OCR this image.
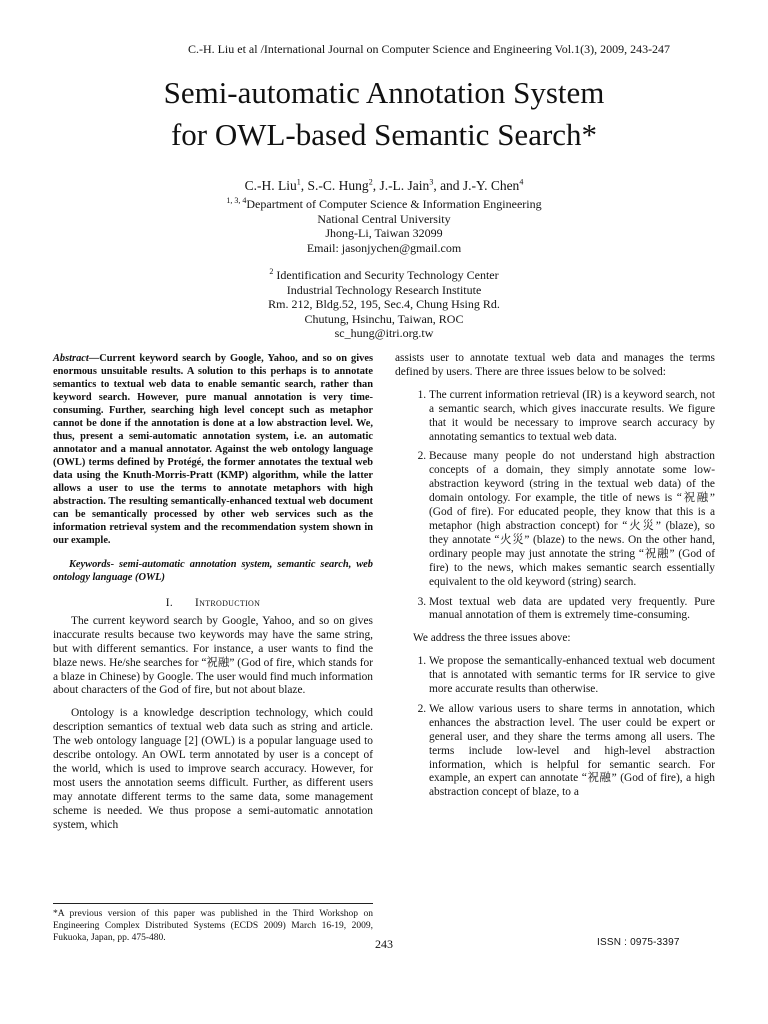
C.-H. Liu et al /International Journal on Computer Science and Engineering Vol.1(3), 2009, 243-247
Semi-automatic Annotation System
for OWL-based Semantic Search*
C.-H. Liu$^1$, S.-C. Hung$^2$, J.-L. Jain$^3$, and J.-Y. Chen$^4$
$^{1, 3, 4}$Department of Computer Science & Information Engineering
National Central University
Jhong-Li, Taiwan 32099
Email: jasonjychen@gmail.com
$^2$ Identification and Security Technology Center
Industrial Technology Research Institute
Rm. 212, Bldg.52, 195, Sec.4, Chung Hsing Rd.
Chutung, Hsinchu, Taiwan, ROC
sc_hung@itri.org.tw

Abstract—Current keyword search by Google, Yahoo, and so on gives enormous unsuitable results. A solution to this perhaps is to annotate semantics to textual web data to enable semantic search, rather than keyword search. However, pure manual annotation is very time-consuming. Further, searching high level concept such as metaphor cannot be done if the annotation is done at a low abstraction level. We, thus, present a semi-automatic annotation system, i.e. an automatic annotator and a manual annotator. Against the web ontology language (OWL) terms defined by Protégé, the former annotates the textual web data using the Knuth-Morris-Pratt (KMP) algorithm, while the latter allows a user to use the terms to annotate metaphors with high abstraction. The resulting semantically-enhanced textual web document can be semantically processed by other web services such as the information retrieval system and the recommendation system shown in our example.

Keywords- semi-automatic annotation system, semantic search, web ontology language (OWL)

I. Introduction

The current keyword search by Google, Yahoo, and so on gives inaccurate results because two keywords may have the same string, but with different semantics. For instance, a user wants to find the blaze news. He/she searches for “祝融” (God of fire, which stands for a blaze in Chinese) by Google. The user would find much information about characters of the God of fire, but not about blaze.

Ontology is a knowledge description technology, which could description semantics of textual web data such as string and article. The web ontology language [2] (OWL) is a popular language used to describe ontology. An OWL term annotated by user is a concept of the world, which is used to improve search accuracy. However, for most users the annotation seems difficult. Further, as different users may annotate different terms to the same data, some management scheme is needed. We thus propose a semi-automatic annotation system, which

assists user to annotate textual web data and manages the terms defined by users. There are three issues below to be solved:

1. The current information retrieval (IR) is a keyword search, not a semantic search, which gives inaccurate results. We figure that it would be necessary to improve search accuracy by annotating semantics to textual web data.
2. Because many people do not understand high abstraction concepts of a domain, they simply annotate some low-abstraction keyword (string in the textual web data) of the domain ontology. For example, the title of news is “祝融” (God of fire). For educated people, they know that this is a metaphor (high abstraction concept) for “火災” (blaze), so they annotate “火災” (blaze) to the news. On the other hand, ordinary people may just annotate the string “祝融” (God of fire) to the news, which makes semantic search essentially equivalent to the old keyword (string) search.
3. Most textual web data are updated very frequently. Pure manual annotation of them is extremely time-consuming.

We address the three issues above:

1. We propose the semantically-enhanced textual web document that is annotated with semantic terms for IR service to give more accurate results than otherwise.
2. We allow various users to share terms in annotation, which enhances the abstraction level. The user could be expert or general user, and they share the terms among all users. The terms include low-level and high-level abstraction information, which is helpful for semantic search. For example, an expert can annotate “祝融” (God of fire), a high abstraction concept of blaze, to a
*A previous version of this paper was published in the Third Workshop on Engineering Complex Distributed Systems (ECDS 2009) March 16-19, 2009, Fukuoka, Japan, pp. 475-480.	243	ISSN : 0975-3397
